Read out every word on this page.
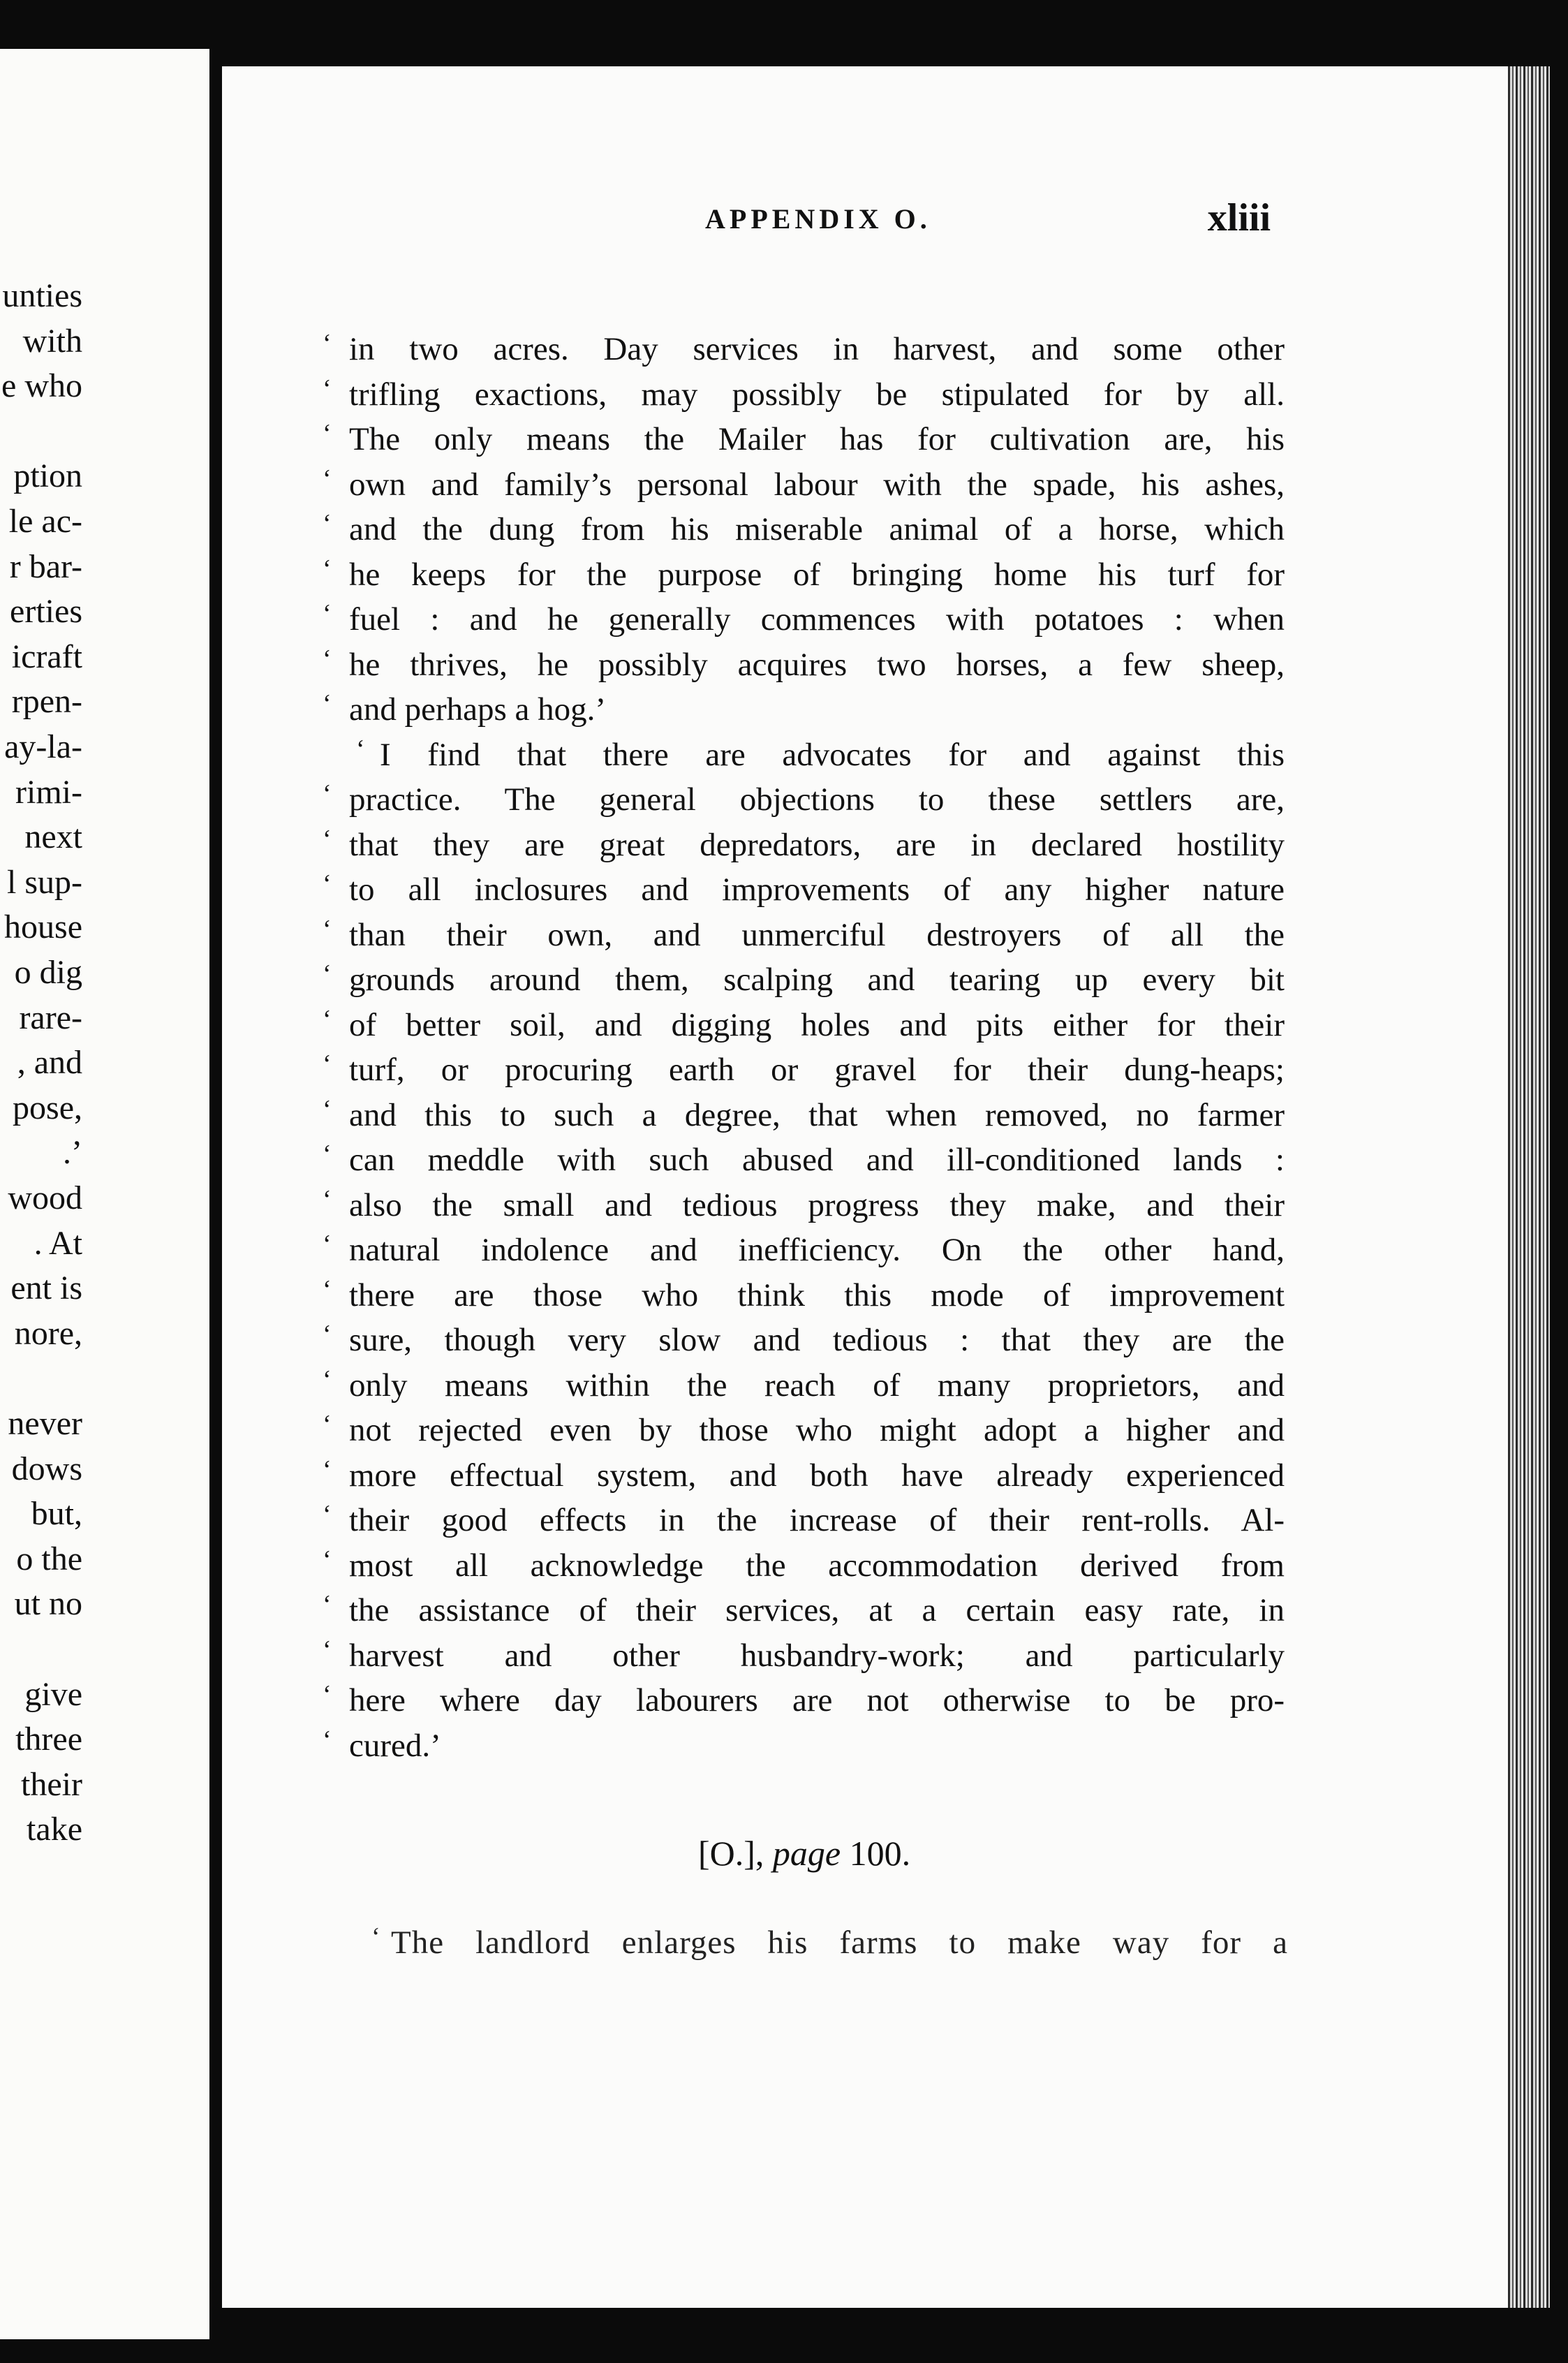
unties
with
e who
ption
le ac-
r bar-
erties
icraft
rpen-
ay-la-
rimi-
next
l sup-
house
o dig
rare-
, and
pose,
.’
wood
. At
ent is
nore,
never
dows
but,
o the
ut no
give
three
their
take
APPENDIX O.	xliii
‘ in two acres. Day services in harvest, and some other
‘ trifling exactions, may possibly be stipulated for by all.
‘ The only means the Mailer has for cultivation are, his
‘ own and family’s personal labour with the spade, his ashes,
‘ and the dung from his miserable animal of a horse, which
‘ he keeps for the purpose of bringing home his turf for
‘ fuel : and he generally commences with potatoes : when
‘ he thrives, he possibly acquires two horses, a few sheep,
‘ and perhaps a hog.’
‘ I find that there are advocates for and against this
‘ practice. The general objections to these settlers are,
‘ that they are great depredators, are in declared hostility
‘ to all inclosures and improvements of any higher nature
‘ than their own, and unmerciful destroyers of all the
‘ grounds around them, scalping and tearing up every bit
‘ of better soil, and digging holes and pits either for their
‘ turf, or procuring earth or gravel for their dung-heaps;
‘ and this to such a degree, that when removed, no farmer
‘ can meddle with such abused and ill-conditioned lands :
‘ also the small and tedious progress they make, and their
‘ natural indolence and inefficiency. On the other hand,
‘ there are those who think this mode of improvement
‘ sure, though very slow and tedious : that they are the
‘ only means within the reach of many proprietors, and
‘ not rejected even by those who might adopt a higher and
‘ more effectual system, and both have already experienced
‘ their good effects in the increase of their rent-rolls. Al-
‘ most all acknowledge the accommodation derived from
‘ the assistance of their services, at a certain easy rate, in
‘ harvest and other husbandry-work; and particularly
‘ here where day labourers are not otherwise to be pro-
‘ cured.’
[O.], page 100.
‘ The landlord enlarges his farms to make way for a
